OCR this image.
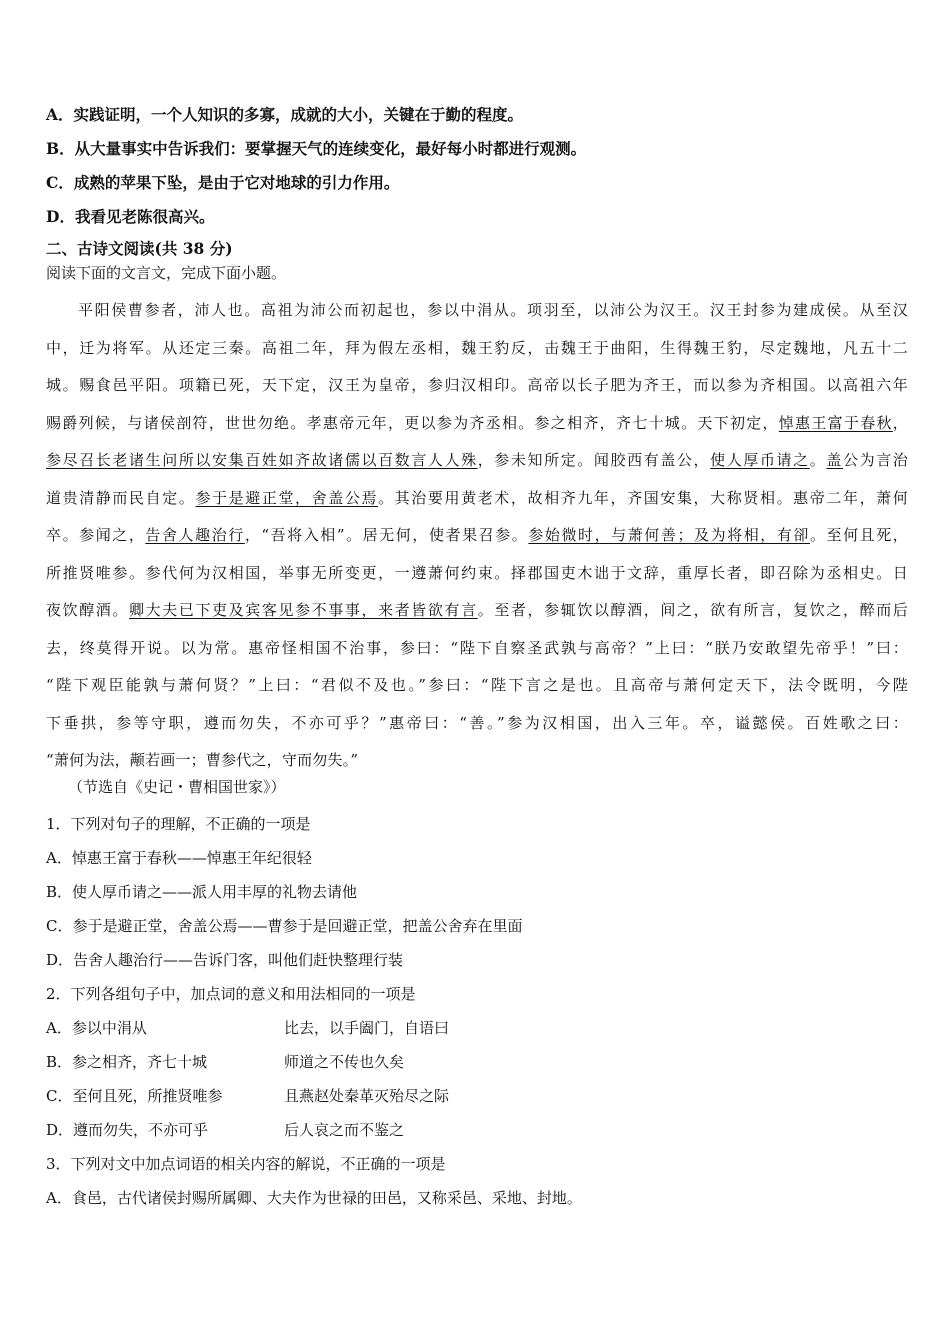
A．实践证明，一个人知识的多寡，成就的大小，关键在于勤的程度。
B．从大量事实中告诉我们：要掌握天气的连续变化，最好每小时都进行观测。
C．成熟的苹果下坠，是由于它对地球的引力作用。
D．我看见老陈很高兴。
二、古诗文阅读(共 38 分)
阅读下面的文言文，完成下面小题。
平阳侯曹参者，沛人也。高祖为沛公而初起也，参以中涓从。项羽至，以沛公为汉王。汉王封参为建成侯。从至汉
中，迁为将军。从还定三秦。高祖二年，拜为假左丞相，魏王豹反，击魏王于曲阳，生得魏王豹，尽定魏地，凡五十二
城。赐食邑平阳。项籍已死，天下定，汉王为皇帝，参归汉相印。高帝以长子肥为齐王，而以参为齐相国。以高祖六年
赐爵列候，与诸侯剖符，世世勿绝。孝惠帝元年，更以参为齐丞相。参之相齐，齐七十城。天下初定，悼惠王富于春秋，
参尽召长老诸生问所以安集百姓如齐故诸儒以百数言人人殊，参未知所定。闻胶西有盖公，使人厚币请之。盖公为言治
道贵清静而民自定。参于是避正堂，舍盖公焉。其治要用黄老术，故相齐九年，齐国安集，大称贤相。惠帝二年，萧何
卒。参闻之，告舍人趣治行，“吾将入相”。居无何，使者果召参。参始微时，与萧何善；及为将相，有卻。至何且死，
所推贤唯参。参代何为汉相国，举事无所变更，一遵萧何约束。择郡国吏木诎于文辞，重厚长者，即召除为丞相史。日
夜饮醇酒。卿大夫已下吏及宾客见参不事事，来者皆欲有言。至者，参辄饮以醇酒，间之，欲有所言，复饮之，醉而后
去，终莫得开说。以为常。惠帝怪相国不治事，参曰：“陛下自察圣武孰与高帝？”上曰：“朕乃安敢望先帝乎！”曰：
“陛下观臣能孰与萧何贤？”上曰：“君似不及也。”参曰：“陛下言之是也。且高帝与萧何定天下，法令既明，今陛
下垂拱，参等守职，遵而勿失，不亦可乎？”惠帝曰：“善。”参为汉相国，出入三年。卒，谥懿侯。百姓歌之曰：
“萧何为法，颟若画一；曹参代之，守而勿失。”
（节选自《史记・曹相国世家》）
1．下列对句子的理解，不正确的一项是
A．悼惠王富于春秋——悼惠王年纪很轻
B．使人厚币请之——派人用丰厚的礼物去请他
C．参于是避正堂，舍盖公焉——曹参于是回避正堂，把盖公舍弃在里面
D．告舍人趣治行——告诉门客，叫他们赶快整理行装
2．下列各组句子中，加点词的意义和用法相同的一项是
A．参以中涓从	比去，以手阖门，自语曰
B．参之相齐，齐七十城	师道之不传也久矣
C．至何且死，所推贤唯参	且燕赵处秦革灭殆尽之际
D．遵而勿失，不亦可乎	后人哀之而不鉴之
3．下列对文中加点词语的相关内容的解说，不正确的一项是
A．食邑，古代诸侯封赐所属卿、大夫作为世禄的田邑，又称采邑、采地、封地。
